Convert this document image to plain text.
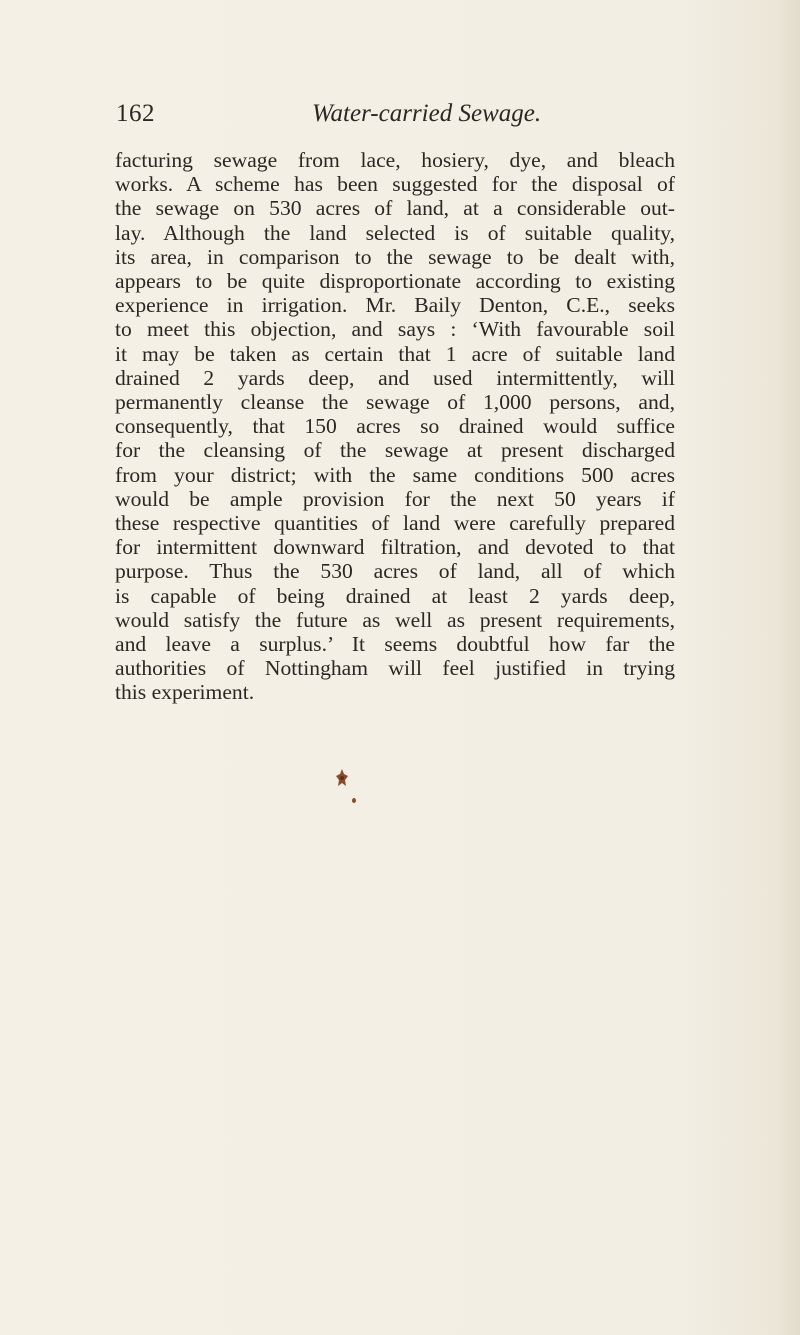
162	Water-carried Sewage.
facturing sewage from lace, hosiery, dye, and bleach
works. A scheme has been suggested for the disposal of
the sewage on 530 acres of land, at a considerable out-
lay. Although the land selected is of suitable quality,
its area, in comparison to the sewage to be dealt with,
appears to be quite disproportionate according to existing
experience in irrigation. Mr. Baily Denton, C.E., seeks
to meet this objection, and says : ‘With favourable soil
it may be taken as certain that 1 acre of suitable land
drained 2 yards deep, and used intermittently, will
permanently cleanse the sewage of 1,000 persons, and,
consequently, that 150 acres so drained would suffice
for the cleansing of the sewage at present discharged
from your district; with the same conditions 500 acres
would be ample provision for the next 50 years if
these respective quantities of land were carefully prepared
for intermittent downward filtration, and devoted to that
purpose. Thus the 530 acres of land, all of which
is capable of being drained at least 2 yards deep,
would satisfy the future as well as present requirements,
and leave a surplus.’ It seems doubtful how far the
authorities of Nottingham will feel justified in trying
this experiment.
